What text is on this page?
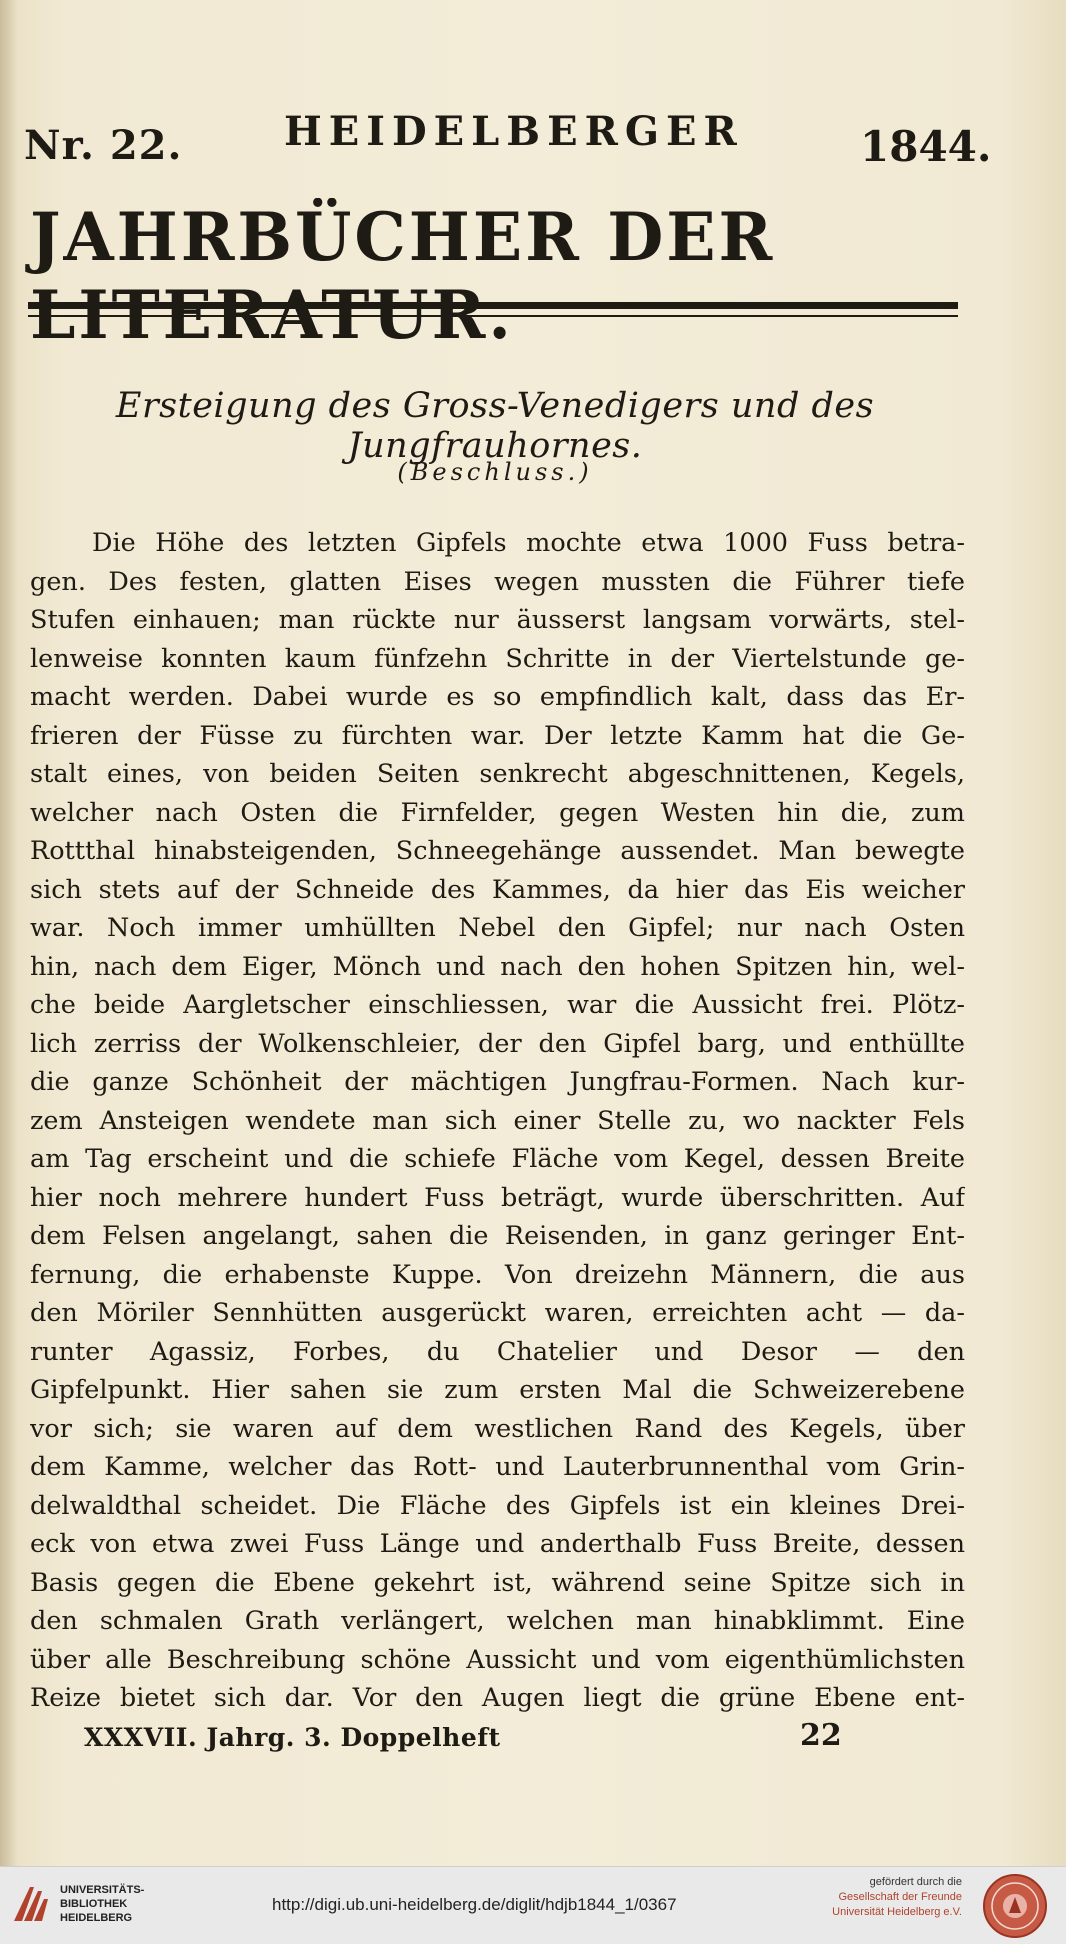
Nr. 22.	HEIDELBERGER	1844.
JAHRBÜCHER DER
Ersteigung des Gross-Venedigers und des Jungfrauhornes.
(Beschluss.)
Die Höhe des letzten Gipfels mochte etwa 1000 Fuss betra-
gen. Des festen, glatten Eises wegen mussten die Führer tiefe
Stufen einhauen; man rückte nur äusserst langsam vorwärts, stel-
lenweise konnten kaum fünfzehn Schritte in der Viertelstunde ge-
macht werden. Dabei wurde es so empfindlich kalt, dass das Er-
frieren der Füsse zu fürchten war. Der letzte Kamm hat die Ge-
stalt eines, von beiden Seiten senkrecht abgeschnittenen, Kegels,
welcher nach Osten die Firnfelder, gegen Westen hin die, zum
Rottthal hinabsteigenden, Schneegehänge aussendet. Man bewegte
sich stets auf der Schneide des Kammes, da hier das Eis weicher
war. Noch immer umhüllten Nebel den Gipfel; nur nach Osten
hin, nach dem Eiger, Mönch und nach den hohen Spitzen hin, wel-
che beide Aargletscher einschliessen, war die Aussicht frei. Plötz-
lich zerriss der Wolkenschleier, der den Gipfel barg, und enthüllte
die ganze Schönheit der mächtigen Jungfrau-Formen. Nach kur-
zem Ansteigen wendete man sich einer Stelle zu, wo nackter Fels
am Tag erscheint und die schiefe Fläche vom Kegel, dessen Breite
hier noch mehrere hundert Fuss beträgt, wurde überschritten. Auf
dem Felsen angelangt, sahen die Reisenden, in ganz geringer Ent-
fernung, die erhabenste Kuppe. Von dreizehn Männern, die aus
den Möriler Sennhütten ausgerückt waren, erreichten acht — da-
runter Agassiz, Forbes, du Chatelier und Desor — den
Gipfelpunkt. Hier sahen sie zum ersten Mal die Schweizerebene
vor sich; sie waren auf dem westlichen Rand des Kegels, über
dem Kamme, welcher das Rott- und Lauterbrunnenthal vom Grin-
delwaldthal scheidet. Die Fläche des Gipfels ist ein kleines Drei-
eck von etwa zwei Fuss Länge und anderthalb Fuss Breite, dessen
Basis gegen die Ebene gekehrt ist, während seine Spitze sich in
den schmalen Grath verlängert, welchen man hinabklimmt. Eine
über alle Beschreibung schöne Aussicht und vom eigenthümlichsten
Reize bietet sich dar. Vor den Augen liegt die grüne Ebene ent-
XXXVII. Jahrg. 3. Doppelheft	22
UNIVERSITÄTS-
BIBLIOTHEK
HEIDELBERG
http://digi.ub.uni-heidelberg.de/diglit/hdjb1844_1/0367
gefördert durch die
Gesellschaft der Freunde
Universität Heidelberg e.V.
